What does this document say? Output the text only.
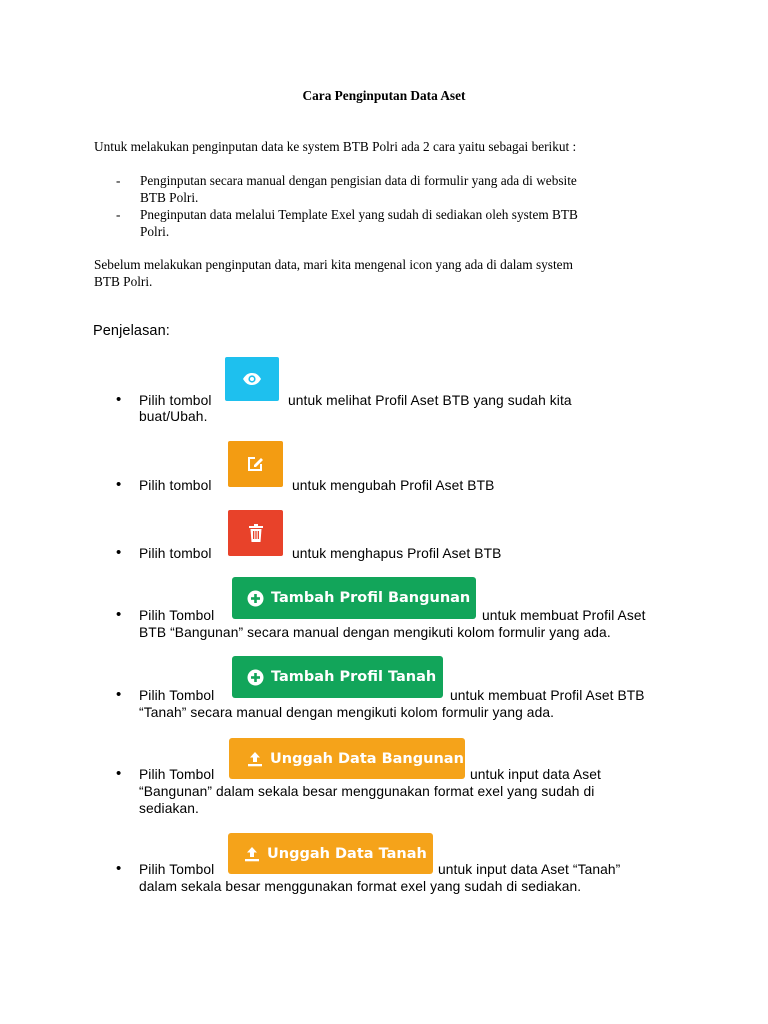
Cara Penginputan Data Aset
Untuk melakukan penginputan data ke system BTB Polri ada 2 cara yaitu sebagai berikut :
-	Penginputan secara manual dengan pengisian data di formulir yang ada di website
BTB Polri.
-	Pneginputan data melalui Template Exel yang sudah di sediakan oleh system BTB
Polri.
Sebelum melakukan penginputan data, mari kita mengenal icon yang ada di dalam system
BTB Polri.
Penjelasan:
• Pilih tombol	untuk melihat Profil Aset BTB yang sudah kita
buat/Ubah.
• Pilih tombol	untuk mengubah Profil Aset BTB
• Pilih tombol	untuk menghapus Profil Aset BTB
• Pilih Tombol
Tambah Profil Bangunan
untuk membuat Profil Aset
BTB “Bangunan” secara manual dengan mengikuti kolom formulir yang ada.
• Pilih Tombol
Tambah Profil Tanah
untuk membuat Profil Aset BTB
“Tanah” secara manual dengan mengikuti kolom formulir yang ada.
• Pilih Tombol
Unggah Data Bangunan
untuk input data Aset
“Bangunan” dalam sekala besar menggunakan format exel yang sudah di
sediakan.
• Pilih Tombol
Unggah Data Tanah
untuk input data Aset “Tanah”
dalam sekala besar menggunakan format exel yang sudah di sediakan.
